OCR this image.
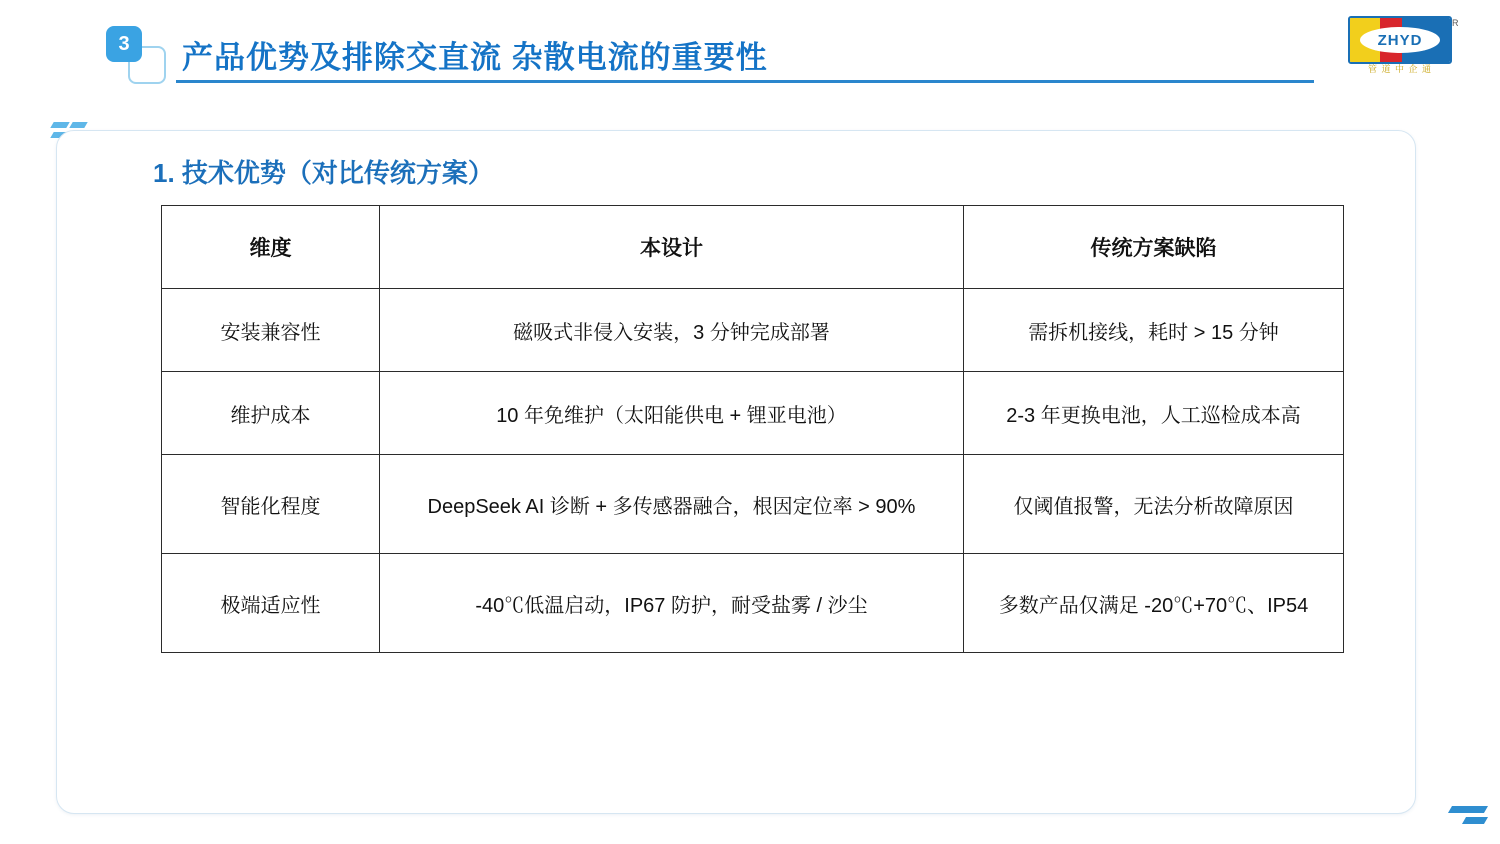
3	产品优势及排除交直流 杂散电流的重要性	ZHYD
R
管 道 中 企 通
1. 技术优势（对比传统方案）
维度	本设计	传统方案缺陷
安装兼容性	磁吸式非侵入安装，3 分钟完成部署	需拆机接线，耗时 > 15 分钟
维护成本	10 年免维护（太阳能供电 + 锂亚电池）	2-3 年更换电池，人工巡检成本高
智能化程度	DeepSeek AI 诊断 + 多传感器融合，根因定位率 > 90%	仅阈值报警，无法分析故障原因
极端适应性	-40℃低温启动，IP67 防护，耐受盐雾 / 沙尘	多数产品仅满足 -20℃+70℃、IP54
